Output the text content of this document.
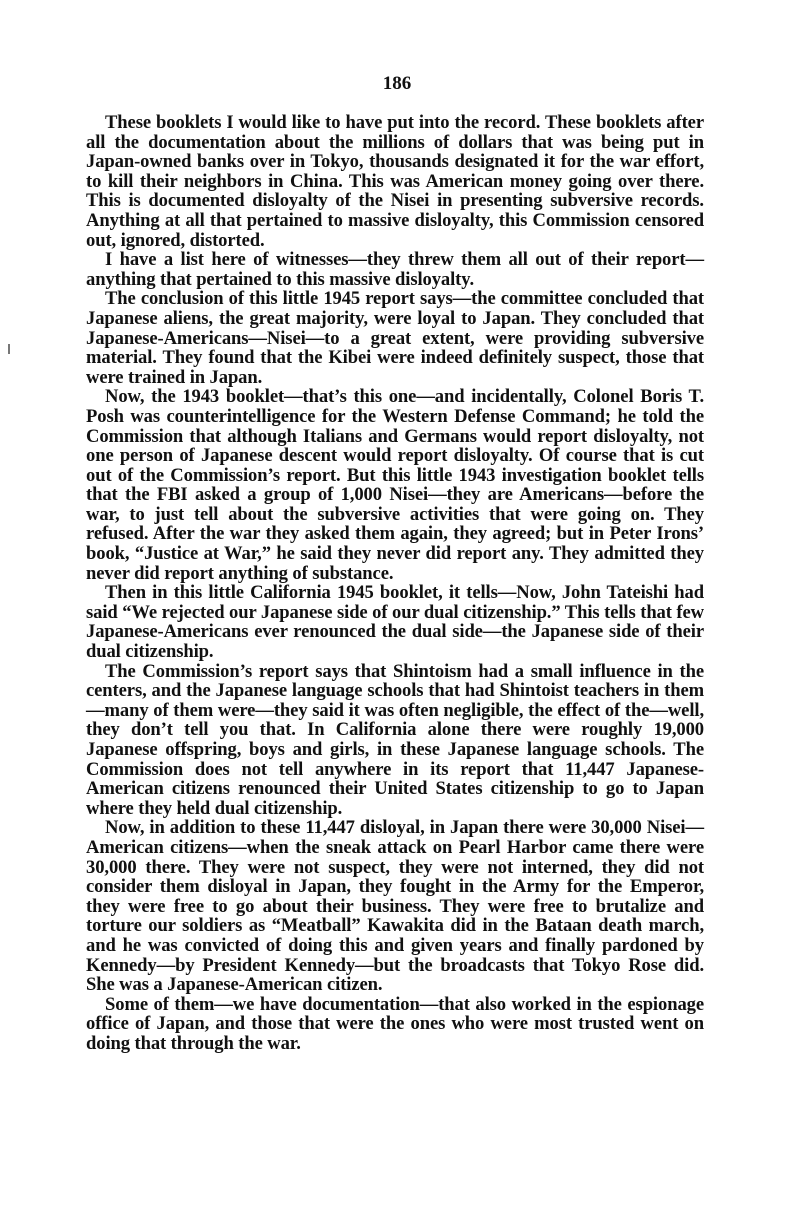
186

These booklets I would like to have put into the record. These booklets after all the documentation about the millions of dollars that was being put in Japan-owned banks over in Tokyo, thousands designated it for the war effort, to kill their neighbors in China. This was American money going over there. This is documented disloyalty of the Nisei in presenting subversive records. Anything at all that pertained to massive disloyalty, this Commission censored out, ignored, distorted.

I have a list here of witnesses—they threw them all out of their report—anything that pertained to this massive disloyalty.

The conclusion of this little 1945 report says—the committee concluded that Japanese aliens, the great majority, were loyal to Japan. They concluded that Japanese-Americans—Nisei—to a great extent, were providing subversive material. They found that the Kibei were indeed definitely suspect, those that were trained in Japan.

Now, the 1943 booklet—that’s this one—and incidentally, Colonel Boris T. Posh was counterintelligence for the Western Defense Command; he told the Commission that although Italians and Germans would report disloyalty, not one person of Japanese descent would report disloyalty. Of course that is cut out of the Commission’s report. But this little 1943 investigation booklet tells that the FBI asked a group of 1,000 Nisei—they are Americans—before the war, to just tell about the subversive activities that were going on. They refused. After the war they asked them again, they agreed; but in Peter Irons’ book, “Justice at War,” he said they never did report any. They admitted they never did report anything of substance.

Then in this little California 1945 booklet, it tells—Now, John Tateishi had said “We rejected our Japanese side of our dual citizenship.” This tells that few Japanese-Americans ever renounced the dual side—the Japanese side of their dual citizenship.

The Commission’s report says that Shintoism had a small influence in the centers, and the Japanese language schools that had Shintoist teachers in them—many of them were—they said it was often negligible, the effect of the—well, they don’t tell you that. In California alone there were roughly 19,000 Japanese offspring, boys and girls, in these Japanese language schools. The Commission does not tell anywhere in its report that 11,447 Japanese-American citizens renounced their United States citizenship to go to Japan where they held dual citizenship.

Now, in addition to these 11,447 disloyal, in Japan there were 30,000 Nisei—American citizens—when the sneak attack on Pearl Harbor came there were 30,000 there. They were not suspect, they were not interned, they did not consider them disloyal in Japan, they fought in the Army for the Emperor, they were free to go about their business. They were free to brutalize and torture our soldiers as “Meatball” Kawakita did in the Bataan death march, and he was convicted of doing this and given years and finally pardoned by Kennedy—by President Kennedy—but the broadcasts that Tokyo Rose did. She was a Japanese-American citizen.

Some of them—we have documentation—that also worked in the espionage office of Japan, and those that were the ones who were most trusted went on doing that through the war.
